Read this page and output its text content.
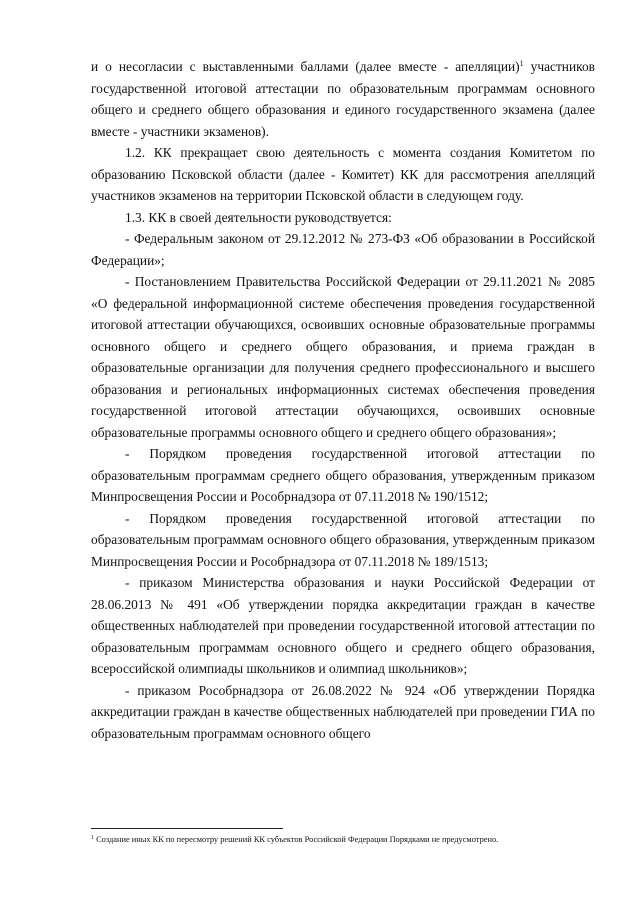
и о несогласии с выставленными баллами (далее вместе - апелляции)$^1$ участников государственной итоговой аттестации по образовательным программам основного общего и среднего общего образования и единого государственного экзамена (далее вместе - участники экзаменов).

1.2. КК прекращает свою деятельность с момента создания Комитетом по образованию Псковской области (далее - Комитет) КК для рассмотрения апелляций участников экзаменов на территории Псковской области в следующем году.

1.3. КК в своей деятельности руководствуется:

- Федеральным законом от 29.12.2012 № 273-ФЗ «Об образовании в Российской Федерации»;

- Постановлением Правительства Российской Федерации от 29.11.2021 № 2085 «О федеральной информационной системе обеспечения проведения государственной итоговой аттестации обучающихся, освоивших основные образовательные программы основного общего и среднего общего образования, и приема граждан в образовательные организации для получения среднего профессионального и высшего образования и региональных информационных системах обеспечения проведения государственной итоговой аттестации обучающихся, освоивших основные образовательные программы основного общего и среднего общего образования»;

- Порядком проведения государственной итоговой аттестации по образовательным программам среднего общего образования, утвержденным приказом Минпросвещения России и Рособрнадзора от 07.11.2018 № 190/1512;

- Порядком проведения государственной итоговой аттестации по образовательным программам основного общего образования, утвержденным приказом Минпросвещения России и Рособрнадзора от 07.11.2018 № 189/1513;

- приказом Министерства образования и науки Российской Федерации от 28.06.2013 № 491 «Об утверждении порядка аккредитации граждан в качестве общественных наблюдателей при проведении государственной итоговой аттестации по образовательным программам основного общего и среднего общего образования, всероссийской олимпиады школьников и олимпиад школьников»;

- приказом Рособрнадзора от 26.08.2022 № 924 «Об утверждении Порядка аккредитации граждан в качестве общественных наблюдателей при проведении ГИА по образовательным программам основного общего

$^1$ Создание иных КК по пересмотру решений КК субъектов Российской Федерации Порядками не предусмотрено.
